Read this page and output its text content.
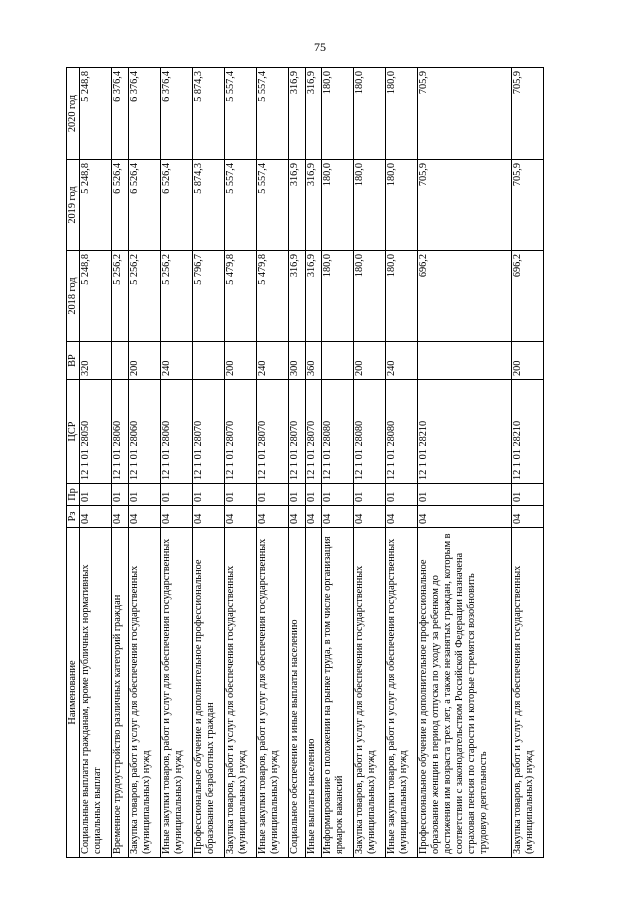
75
Наименование	Рз	Пр	ЦСР	ВР	2018 год	2019 год	2020 год
Социальные выплаты гражданам, кроме публичных нормативных социальных выплат	04	01	12 1 01 28050	320	5 248,8	5 248,8	5 248,8
Временное трудоустройство различных категорий граждан	04	01	12 1 01 28060		5 256,2	6 526,4	6 376,4
Закупка товаров, работ и услуг для обеспечения государственных (муниципальных) нужд	04	01	12 1 01 28060	200	5 256,2	6 526,4	6 376,4
Иные закупки товаров, работ и услуг для обеспечения государственных (муниципальных) нужд	04	01	12 1 01 28060	240	5 256,2	6 526,4	6 376,4
Профессиональное обучение и дополнительное профессиональное образование безработных граждан	04	01	12 1 01 28070		5 796,7	5 874,3	5 874,3
Закупка товаров, работ и услуг для обеспечения государственных (муниципальных) нужд	04	01	12 1 01 28070	200	5 479,8	5 557,4	5 557,4
Иные закупки товаров, работ и услуг для обеспечения государственных (муниципальных) нужд	04	01	12 1 01 28070	240	5 479,8	5 557,4	5 557,4
Социальное обеспечение и иные выплаты населению	04	01	12 1 01 28070	300	316,9	316,9	316,9
Иные выплаты населению	04	01	12 1 01 28070	360	316,9	316,9	316,9
Информирование о положении на рынке труда, в том числе организация ярмарок вакансий	04	01	12 1 01 28080		180,0	180,0	180,0
Закупка товаров, работ и услуг для обеспечения государственных (муниципальных) нужд	04	01	12 1 01 28080	200	180,0	180,0	180,0
Иные закупки товаров, работ и услуг для обеспечения государственных (муниципальных) нужд	04	01	12 1 01 28080	240	180,0	180,0	180,0
Профессиональное обучение и дополнительное профессиональное образование женщин в период отпуска по уходу за ребенком до достижения им возраста трех лет, а также незанятых граждан, которым в соответствии с законодательством Российской Федерации назначена страховая пенсия по старости и которые стремятся возобновить трудовую деятельность	04	01	12 1 01 28210		696,2	705,9	705,9
Закупка товаров, работ и услуг для обеспечения государственных (муниципальных) нужд	04	01	12 1 01 28210	200	696,2	705,9	705,9
